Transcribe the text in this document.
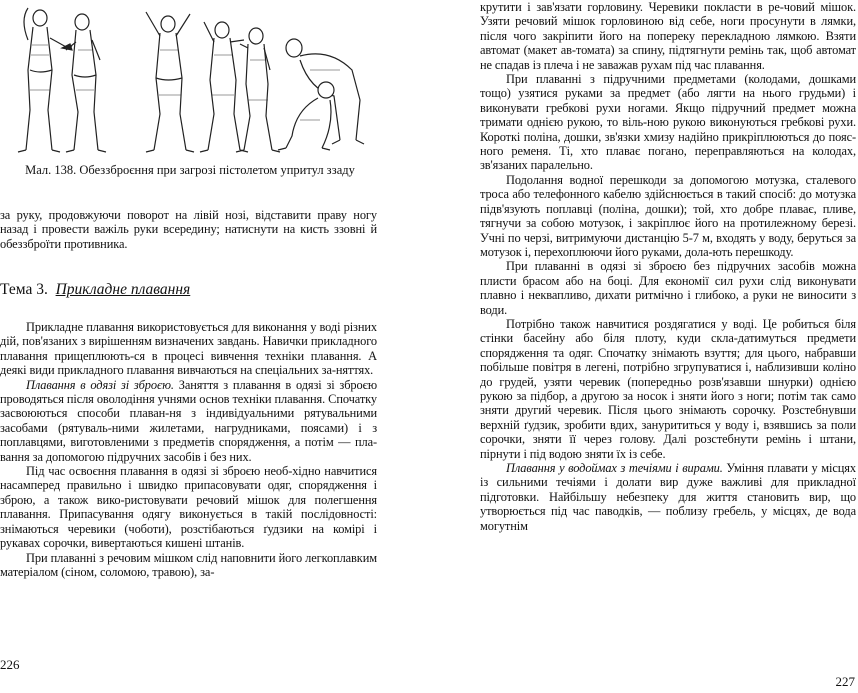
Мал. 138. Обеззброєння при загрозі пістолетом упритул ззаду

за руку, продовжуючи поворот на лівій нозі, відставити праву ногу назад і провести важіль руки всередину; натиснути на кисть ззовні й обеззброїти противника.

Тема 3. Прикладне плавання

Прикладне плавання використовується для виконання у воді різних дій, пов'язаних з вирішенням визначених завдань. Навички прикладного плавання прищеплюють-ся в процесі вивчення техніки плавання. А деякі види прикладного плавання вивчаються на спеціальних за-няттях.

Плавання в одязі зі зброєю. Заняття з плавання в одязі зі зброєю проводяться після оволодіння учнями основ техніки плавання. Спочатку засвоюються способи плаван-ня з індивідуальними рятувальними засобами (рятуваль-ними жилетами, нагрудниками, поясами) і з поплавцями, виготовленими з предметів спорядження, а потім — пла-вання за допомогою підручних засобів і без них.

Під час освоєння плавання в одязі зі зброєю необ-хідно навчитися насамперед правильно і швидко припасовувати одяг, спорядження і зброю, а також вико-ристовувати речовий мішок для полегшення плавання. Припасування одягу виконується в такій послідовності: знімаються черевики (чоботи), розстібаються ґудзики на комірі і рукавах сорочки, вивертаються кишені штанів.

При плаванні з речовим мішком слід наповнити його легкоплавким матеріалом (сіном, соломою, травою), за-

226

крутити і зав'язати горловину. Черевики покласти в ре-човий мішок. Узяти речовий мішок горловиною від себе, ноги просунути в лямки, після чого закріпити його на поперeку перекладною лямкою. Взяти автомат (макет ав-томата) за спину, підтягнути ремінь так, щоб автомат не спадав із плеча і не заважав рухам під час плавання.

При плаванні з підручними предметами (колодами, дошками тощо) узятися руками за предмет (або лягти на нього грудьми) і виконувати гребкові рухи ногами. Якщо підручний предмет можна тримати однією рукою, то віль-ною рукою виконуються гребкові рухи. Короткі поліна, дошки, зв'язки хмизу надійно прикріплюються до пояс-ного ременя. Ті, хто плаває погано, переправляються на колодах, зв'язаних паралельно.

Подолання водної перешкоди за допомогою мотузка, сталевого троса або телефонного кабелю здійснюється в такий спосіб: до мотузка підв'язують поплавці (поліна, дошки); той, хто добре плаває, пливе, тягнучи за собою мотузок, і закріплює його на протилежному березі. Учні по черзі, витримуючи дистанцію 5-7 м, входять у воду, беруться за мотузок і, перехоплюючи його руками, долa-ють перешкоду.

При плаванні в одязі зі зброєю без підручних засобів можна плисти брасом або на боці. Для економії сил рухи слід виконувати плавно і неквапливо, дихати ритмічно і глибоко, а руки не виносити з води.

Потрібно також навчитися роздягатися у воді. Це робиться біля стінки басейну або біля плоту, куди скла-датимуться предмети спорядження та одяг. Спочатку знімають взуття; для цього, набравши побільше повітря в легені, потрібно згрупуватися і, наблизивши коліно до грудей, узяти черевик (попередньо розв'язавши шнурки) однією рукою за підбор, а другою за носок і зняти його з ноги; потім так само зняти другий черевик. Після цього знімають сорочку. Розстебнувши верхній ґудзик, зробити вдих, занурититься у воду і, взявшись за поли сорочки, зняти її через голову. Далі розстебнути ремінь і штани, пірнути і під водою зняти їх із себе.

Плавання у водоймах з течіями і вирами. Уміння плавати у місцях із сильними течіями і долати вир дуже важливі для прикладної підготовки. Найбільшу небезпеку для життя становить вир, що утворюється під час паводків, — поблизу гребель, у місцях, де вода могутнім

227
